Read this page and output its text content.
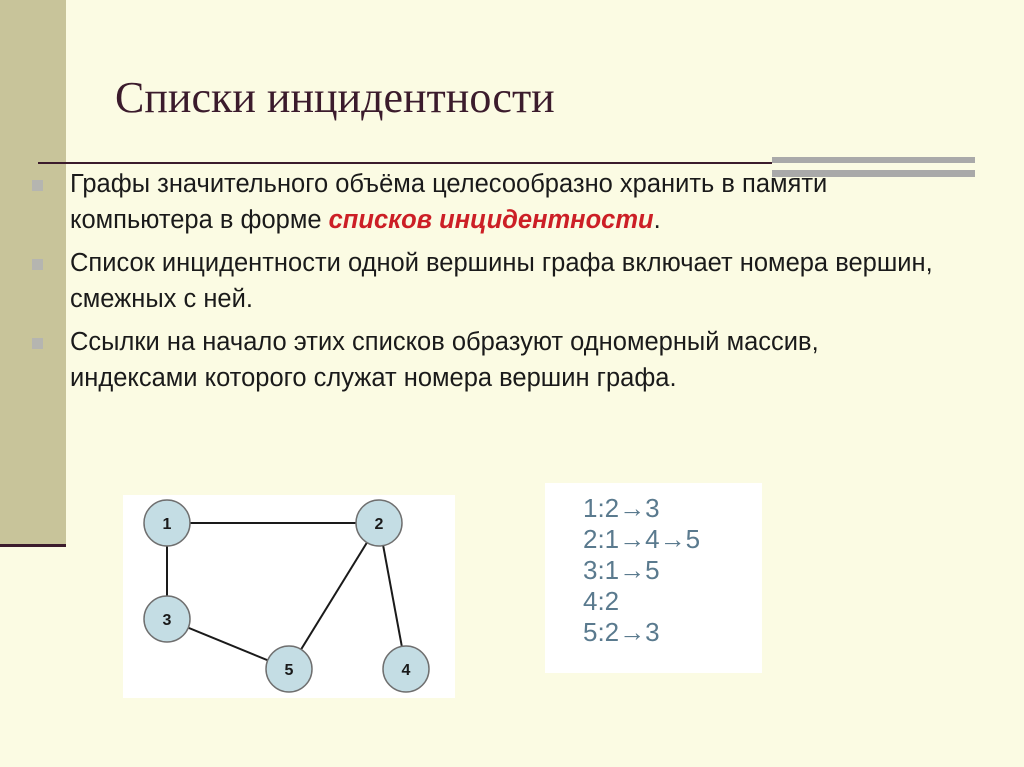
Списки инцидентности
Графы значительного объёма целесообразно хранить в памяти компьютера в форме списков инцидентности.
Список инцидентности одной вершины графа включает номера вершин, смежных с ней.
Ссылки на начало этих списков образуют одномерный массив, индексами которого служат номера вершин графа.
1	2
3
4
5
1:2→3
2:1→4→5
3:1→5
4:2
5:2→3
